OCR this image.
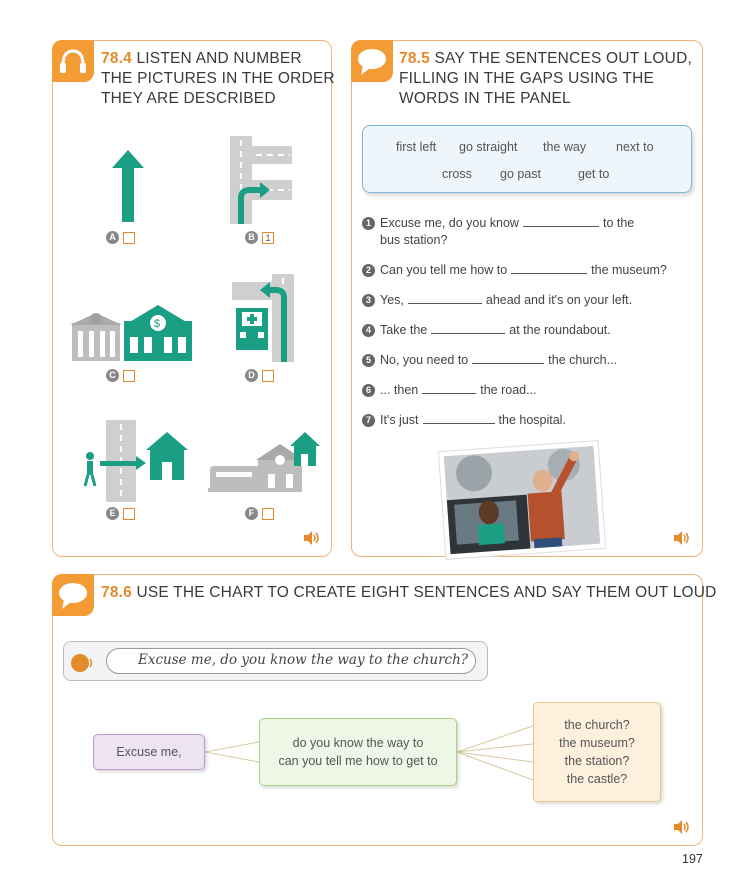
78.4 LISTEN AND NUMBER
THE PICTURES IN THE ORDER
THEY ARE DESCRIBED
A	B	1
$
C	D
E	F
78.5 SAY THE SENTENCES OUT LOUD,
FILLING IN THE GAPS USING THE
WORDS IN THE PANEL
first left go straight the way next to
cross go past	get to
1 Excuse me, do you know	to the
bus station?
2 Can you tell me how to	the museum?
3 Yes,	ahead and it's on your left.
4 Take the	at the roundabout.
5 No, you need to	the church...
6 ... then	the road...
7 It's just	the hospital.
78.6 USE THE CHART TO CREATE EIGHT SENTENCES AND SAY THEM OUT LOUD
Excuse me, do you know the way to the church?
Excuse me,
do you know the way to
can you tell me how to get to
the church?
the museum?
the station?
the castle?
197
